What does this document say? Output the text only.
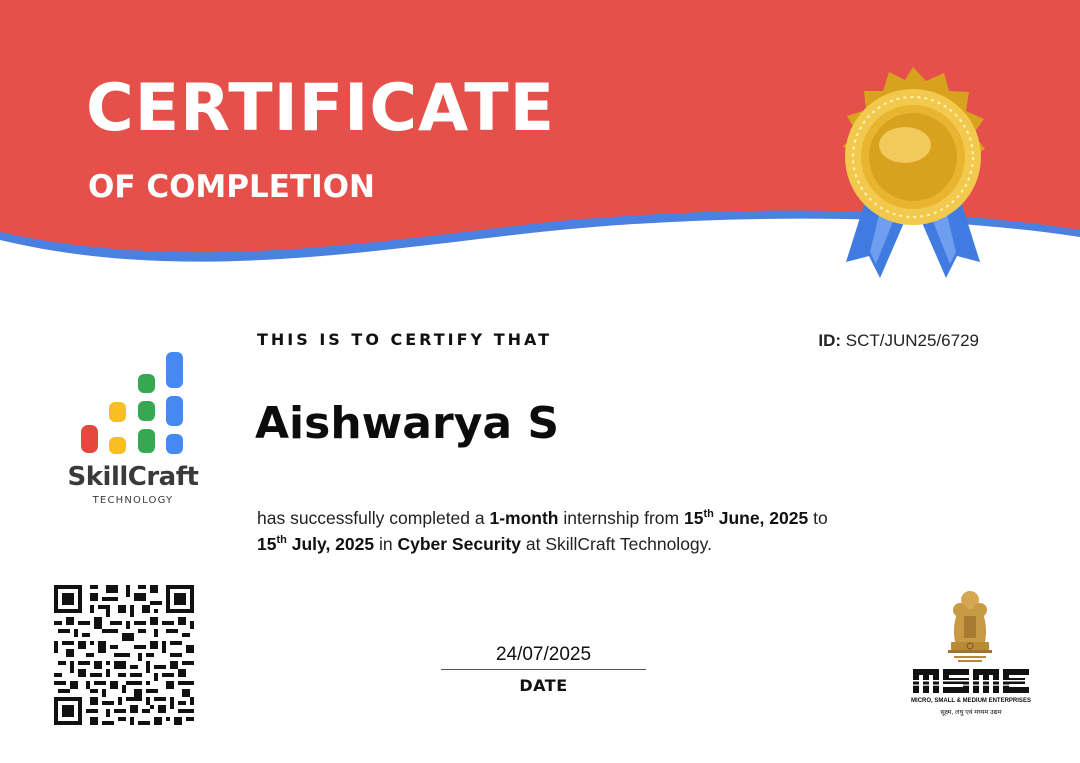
CERTIFICATE
OF COMPLETION
SkillCraft
TECHNOLOGY
THIS IS TO CERTIFY THAT	ID: SCT/JUN25/6729
Aishwarya S
has successfully completed a 1-month internship from 15th June, 2025 to
15th July, 2025 in Cyber Security at SkillCraft Technology.
24/07/2025
DATE
MICRO, SMALL & MEDIUM ENTERPRISES
सूक्ष्म, लघु एवं मध्यम उद्यम
